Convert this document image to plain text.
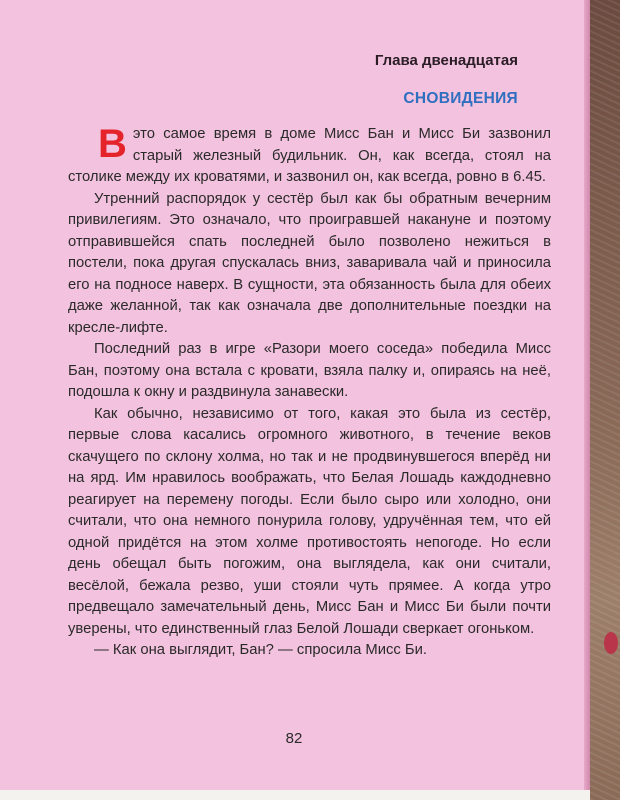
Глава двенадцатая
СНОВИДЕНИЯ

В это самое время в доме Мисс Бан и Мисс Би зазвонил старый железный будильник. Он, как всегда, стоял на столике между их кроватями, и зазвонил он, как всегда, ровно в 6.45.

Утренний распорядок у сестёр был как бы обратным вечерним привилегиям. Это означало, что проигравшей накануне и поэтому отправившейся спать последней было позволено нежиться в постели, пока другая спускалась вниз, заваривала чай и приносила его на подносе наверх. В сущности, эта обязанность была для обеих даже желанной, так как означала две дополнительные поездки на кресле-лифте.

Последний раз в игре «Разори моего соседа» победила Мисс Бан, поэтому она встала с кровати, взяла палку и, опираясь на неё, подошла к окну и раздвинула занавески.

Как обычно, независимо от того, какая это была из сестёр, первые слова касались огромного животного, в течение веков скачущего по склону холма, но так и не продвинувшегося вперёд ни на ярд. Им нравилось воображать, что Белая Лошадь каждодневно реагирует на перемену погоды. Если было сыро или холодно, они считали, что она немного понурила голову, удручённая тем, что ей одной придётся на этом холме противостоять непогоде. Но если день обещал быть погожим, она выглядела, как они считали, весёлой, бежала резво, уши стояли чуть прямее. А когда утро предвещало замечательный день, Мисс Бан и Мисс Би были почти уверены, что единственный глаз Белой Лошади сверкает огоньком.

— Как она выглядит, Бан? — спросила Мисс Би.

82
